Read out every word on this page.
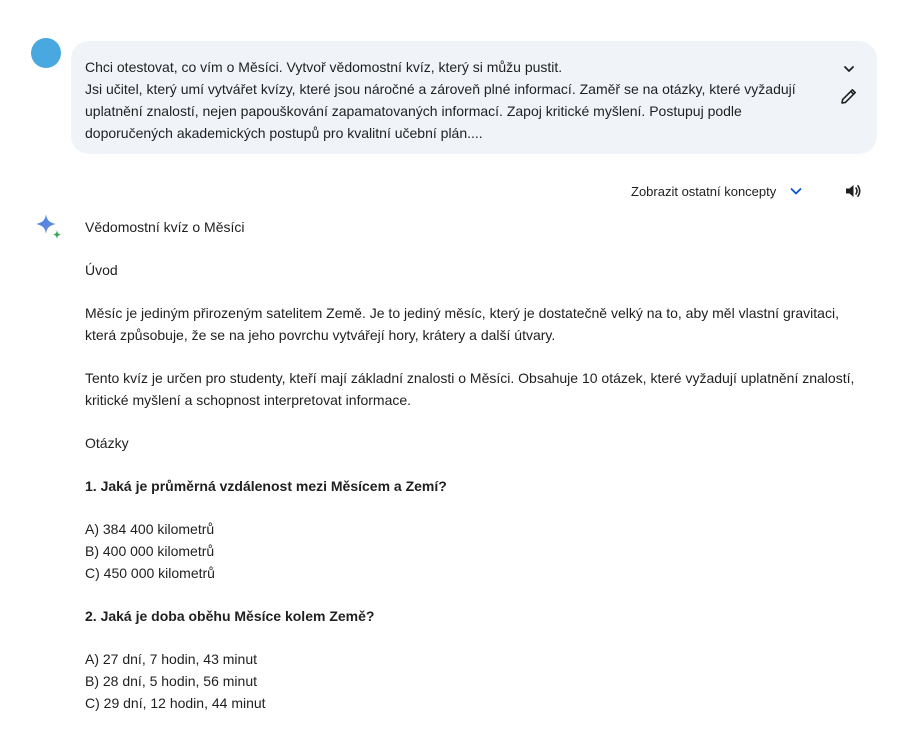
Chci otestovat, co vím o Měsíci. Vytvoř vědomostní kvíz, který si můžu pustit.

Jsi učitel, který umí vytvářet kvízy, které jsou náročné a zároveň plné informací. Zaměř se na otázky, které vyžadují uplatnění znalostí, nejen papouškování zapamatovaných informací. Zapoj kritické myšlení. Postupuj podle doporučených akademických postupů pro kvalitní učební plán....

Zobrazit ostatní koncepty

Vědomostní kvíz o Měsíci

Úvod

Měsíc je jediným přirozeným satelitem Země. Je to jediný měsíc, který je dostatečně velký na to, aby měl vlastní gravitaci, která způsobuje, že se na jeho povrchu vytvářejí hory, krátery a další útvary.

Tento kvíz je určen pro studenty, kteří mají základní znalosti o Měsíci. Obsahuje 10 otázek, které vyžadují uplatnění znalostí, kritické myšlení a schopnost interpretovat informace.

Otázky

1. Jaká je průměrná vzdálenost mezi Měsícem a Zemí?

A) 384 400 kilometrů

B) 400 000 kilometrů

C) 450 000 kilometrů

2. Jaká je doba oběhu Měsíce kolem Země?

A) 27 dní, 7 hodin, 43 minut

B) 28 dní, 5 hodin, 56 minut

C) 29 dní, 12 hodin, 44 minut
